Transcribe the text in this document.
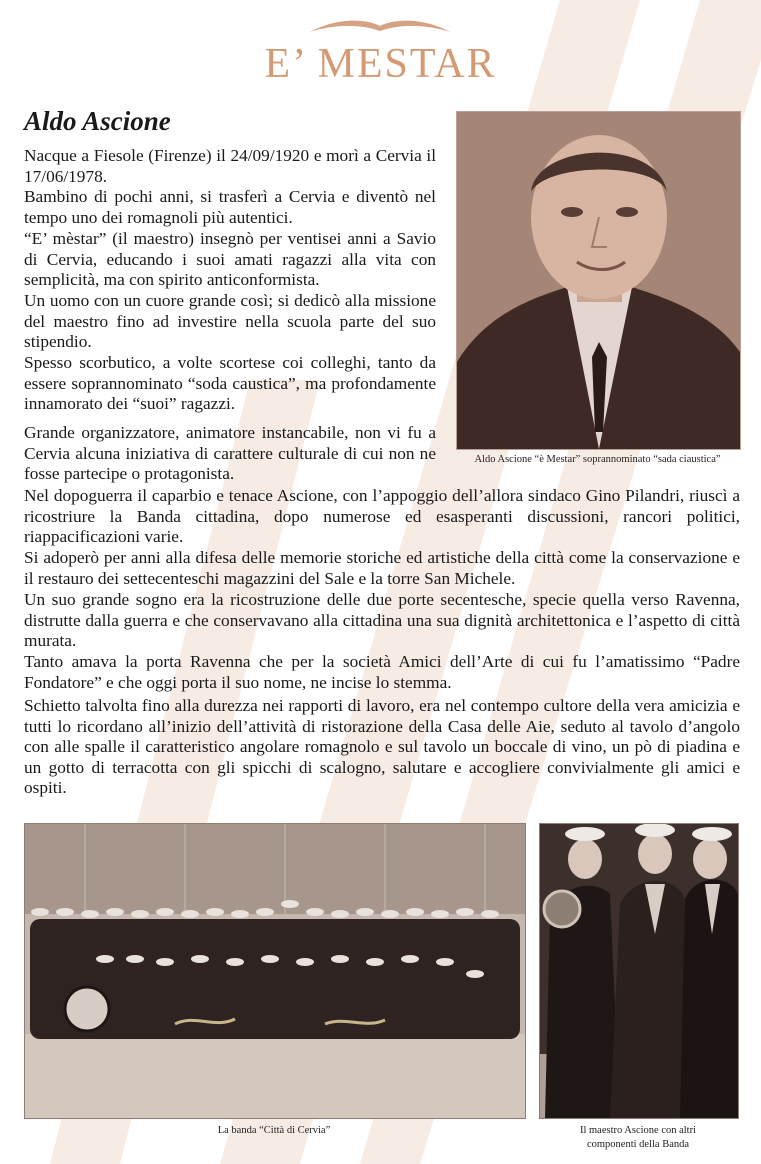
E’ MESTAR
Aldo Ascione

Nacque a Fiesole (Firenze) il 24/09/1920 e morì a Cervia il 17/06/1978.

Bambino di pochi anni, si trasferì a Cervia e diventò nel tempo uno dei romagnoli più autentici.

“E’ mèstar” (il maestro) insegnò per ventisei anni a Savio di Cervia, educando i suoi amati ragazzi alla vita con semplicità, ma con spirito anticonformista.

Un uomo con un cuore grande così; si dedicò alla missione del maestro fino ad investire nella scuola parte del suo stipendio.

Spesso scorbutico, a volte scortese coi colleghi, tanto da essere soprannominato “soda caustica”, ma profondamente innamorato dei “suoi” ragazzi.

Grande organizzatore, animatore instancabile, non vi fu a Cervia alcuna iniziativa di carattere culturale di cui non ne fosse partecipe o protagonista.

Nel dopoguerra il caparbio e tenace Ascione, con l’appoggio dell’allora sindaco Gino Pilandri, riuscì a ricostriure la Banda cittadina, dopo numerose ed esasperanti discussioni, rancori politici, riappacificazioni varie.

Si adoperò per anni alla difesa delle memorie storiche ed artistiche della città come la conservazione e il restauro dei settecenteschi magazzini del Sale e la torre San Michele.

Un suo grande sogno era la ricostruzione delle due porte secentesche, specie quella verso Ravenna, distrutte dalla guerra e che conservavano alla cittadina una sua dignità architettonica e l’aspetto di città murata.

Tanto amava la porta Ravenna che per la società Amici dell’Arte di cui fu l’amatissimo “Padre Fondatore” e che oggi porta il suo nome, ne incise lo stemma.

Schietto talvolta fino alla durezza nei rapporti di lavoro, era nel contempo cultore della vera amicizia e tutti lo ricordano all’inizio dell’attività di ristorazione della Casa delle Aie, seduto al tavolo d’angolo con alle spalle il caratteristico angolare romagnolo e sul tavolo un boccale di vino, un pò di piadina e un gotto di terracotta con gli spicchi di scalogno, salutare e accogliere convivialmente gli amici e ospiti.

Aldo Ascione “è Mestar” soprannominato “sada ciaustica”

La banda “Città di Cervia”	Il maestro Ascione con altri

componenti della Banda
